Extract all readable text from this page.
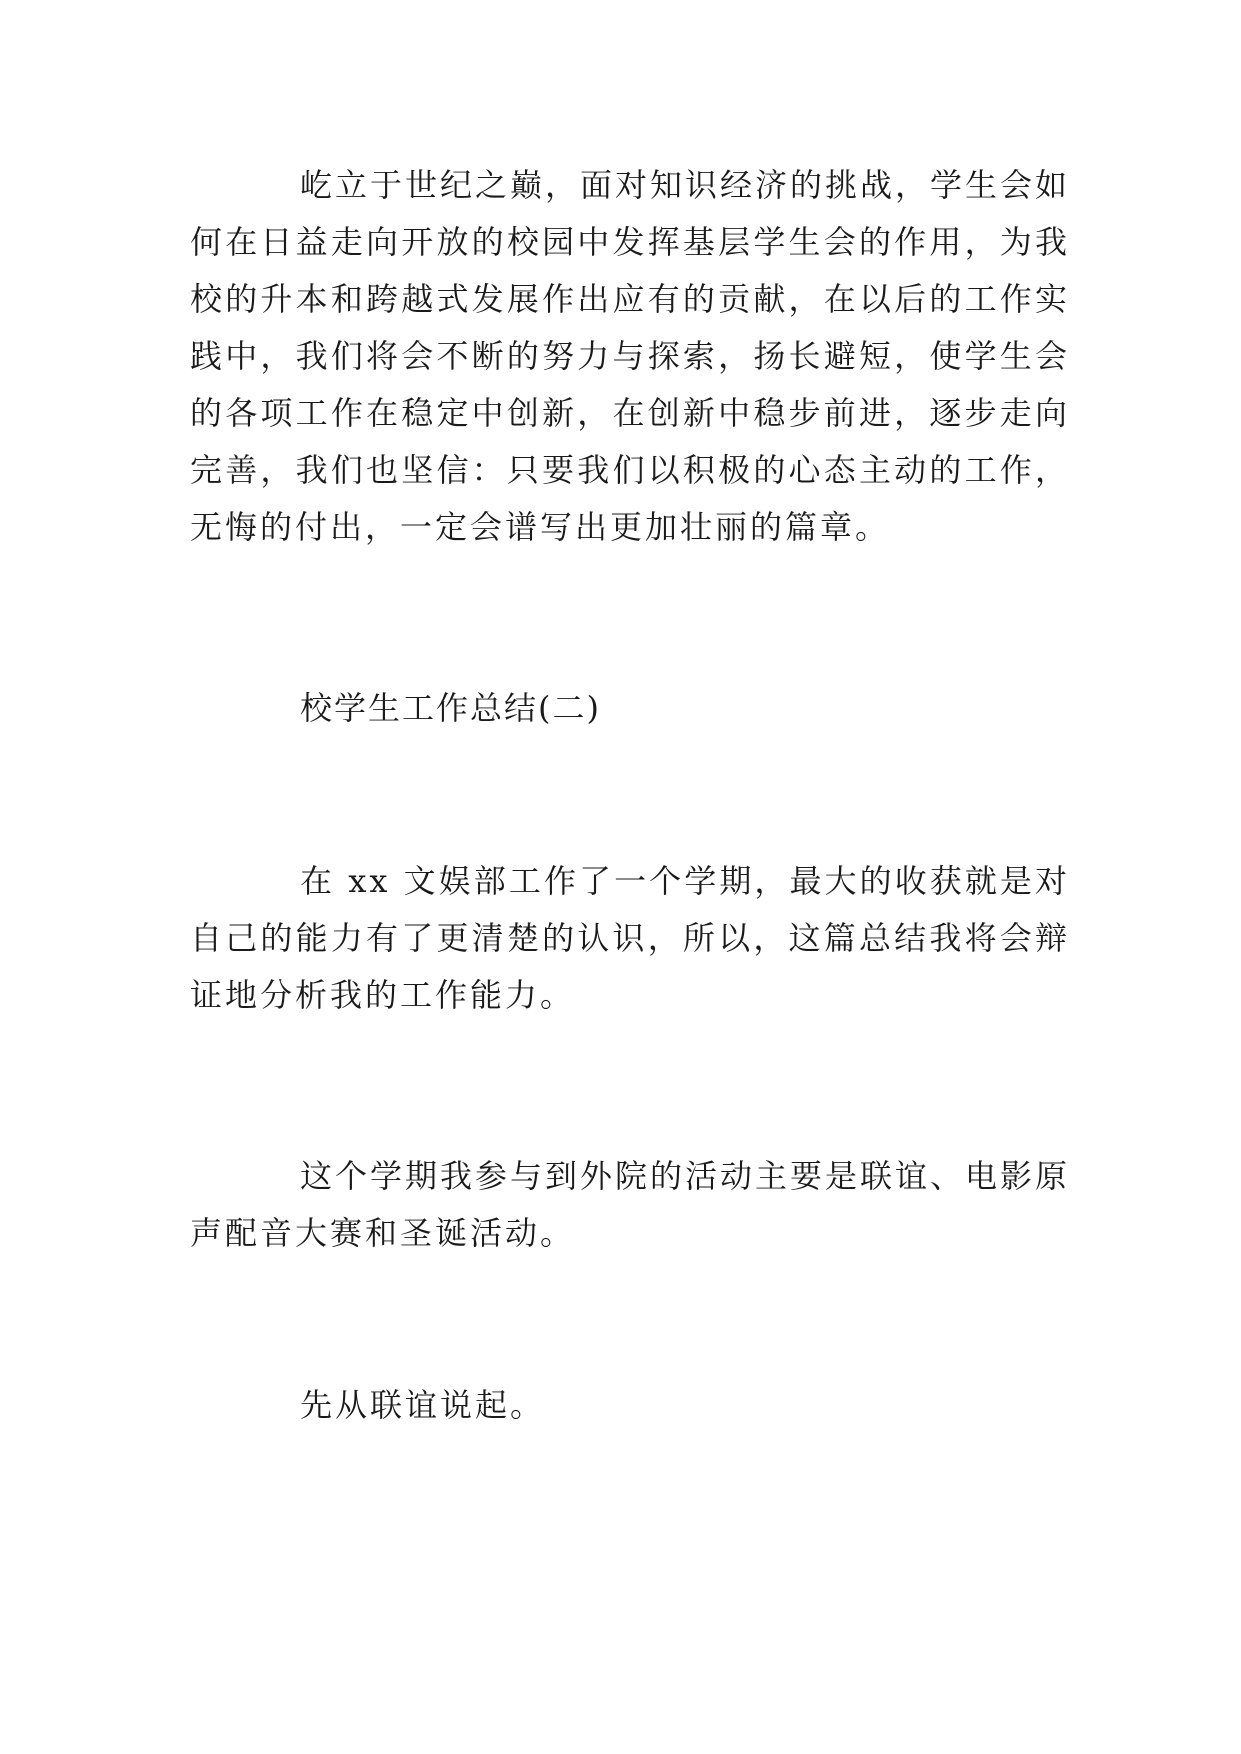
屹立于世纪之巅，面对知识经济的挑战，学生会如何在日益走向开放的校园中发挥基层学生会的作用，为我校的升本和跨越式发展作出应有的贡献，在以后的工作实践中，我们将会不断的努力与探索，扬长避短，使学生会的各项工作在稳定中创新，在创新中稳步前进，逐步走向完善，我们也坚信：只要我们以积极的心态主动的工作，无悔的付出，一定会谱写出更加壮丽的篇章。

校学生工作总结(二)

在 xx 文娱部工作了一个学期，最大的收获就是对自己的能力有了更清楚的认识，所以，这篇总结我将会辩证地分析我的工作能力。

这个学期我参与到外院的活动主要是联谊、电影原声配音大赛和圣诞活动。

先从联谊说起。
